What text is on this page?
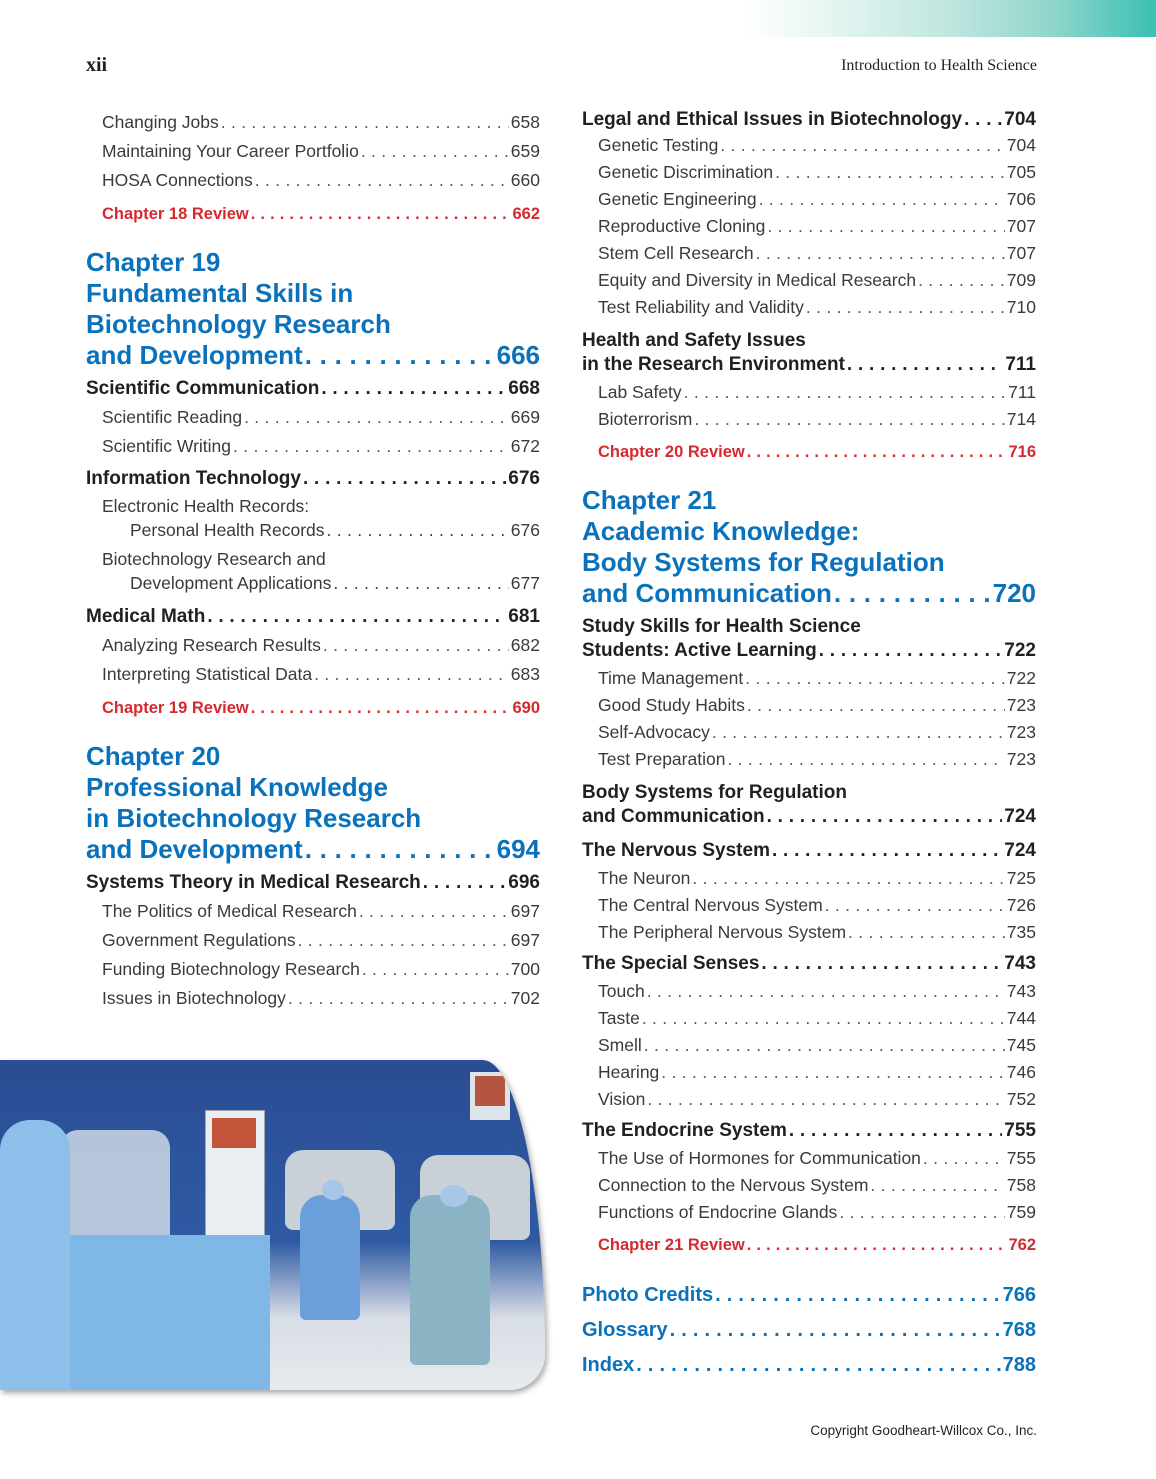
xii	Introduction to Health Science
Changing Jobs . . .	658
Maintaining Your Career Portfolio . . .	659
HOSA Connections . . .	660
Chapter 18 Review . . .	662
Chapter 19
Fundamental Skills in
Biotechnology Research
and Development . . .	666
Scientific Communication . . .	668
Scientific Reading . . .	669
Scientific Writing . . .	672
Information Technology . . .	676
Electronic Health Records:
Personal Health Records . . .	676
Biotechnology Research and
Development Applications . . .	677
Medical Math . . .	681
Analyzing Research Results . . .	682
Interpreting Statistical Data . . .	683
Chapter 19 Review . . .	690
Chapter 20
Professional Knowledge
in Biotechnology Research
and Development . . .	694
Systems Theory in Medical Research . . .	696
The Politics of Medical Research . . .	697
Government Regulations . . .	697
Funding Biotechnology Research . . .	700
Issues in Biotechnology . . .	702
Legal and Ethical Issues in Biotechnology . . . 704
Genetic Testing . . .	704
Genetic Discrimination . . .	705
Genetic Engineering . . .	706
Reproductive Cloning . . .	707
Stem Cell Research . . .	707
Equity and Diversity in Medical Research . . .	709
Test Reliability and Validity . . .	710
Health and Safety Issues
in the Research Environment . . .	711
Lab Safety . . .	711
Bioterrorism . . .	714
Chapter 20 Review . . .	716
Chapter 21
Academic Knowledge:
Body Systems for Regulation
and Communication . . .	720
Study Skills for Health Science
Students: Active Learning . . .	722
Time Management . . .	722
Good Study Habits . . .	723
Self-Advocacy . . .	723
Test Preparation . . .	723
Body Systems for Regulation
and Communication . . .	724
The Nervous System . . .	724
The Neuron . . .	725
The Central Nervous System . . .	726
The Peripheral Nervous System . . .	735
The Special Senses . . .	743
Touch . . .	743
Taste . . .	744
Smell . . .	745
Hearing . . .	746
Vision . . .	752
The Endocrine System . . .	755
The Use of Hormones for Communication . . .	755
Connection to the Nervous System . . .	758
Functions of Endocrine Glands . . .	759
Chapter 21 Review . . .	762
Photo Credits . . .	766
Glossary . . .	768
Index . . .	788
Copyright Goodheart-Willcox Co., Inc.
